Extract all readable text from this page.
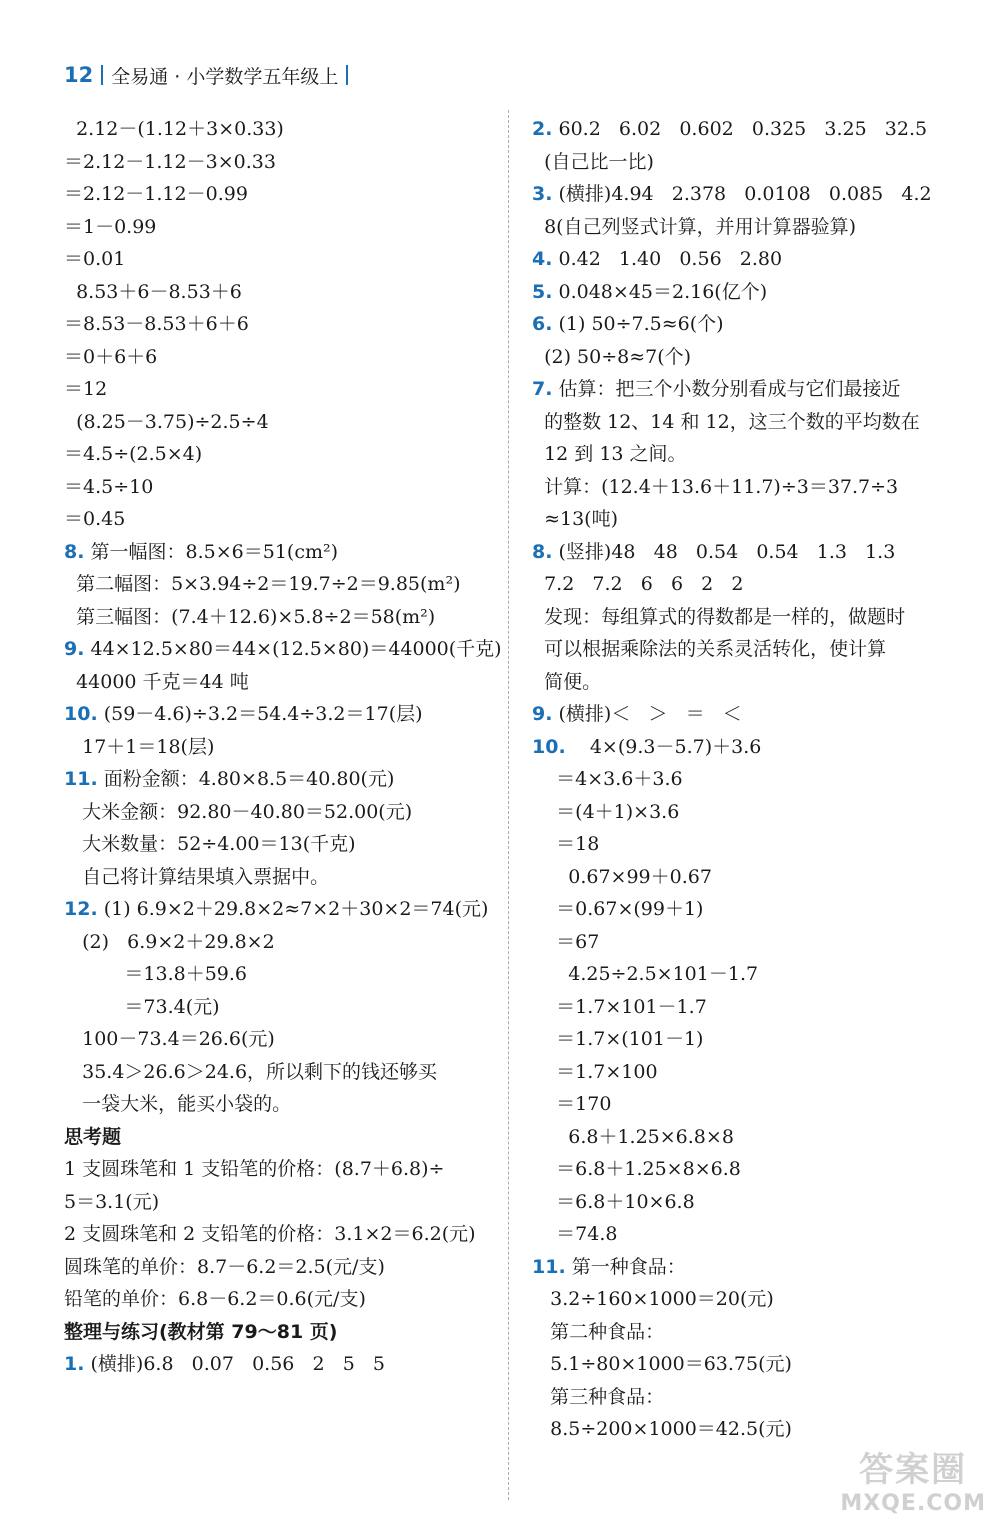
12 全易通 · 小学数学五年级上
2.12－(1.12＋3×0.33)
＝2.12－1.12－3×0.33
＝2.12－1.12－0.99
＝1－0.99
＝0.01
8.53＋6－8.53＋6
＝8.53－8.53＋6＋6
＝0＋6＋6
＝12
(8.25－3.75)÷2.5÷4
＝4.5÷(2.5×4)
＝4.5÷10
＝0.45
8. 第一幅图：8.5×6＝51(cm²)
第二幅图：5×3.94÷2＝19.7÷2＝9.85(m²)
第三幅图：(7.4＋12.6)×5.8÷2＝58(m²)
9. 44×12.5×80＝44×(12.5×80)＝44000(千克)
44000 千克＝44 吨
10. (59－4.6)÷3.2＝54.4÷3.2＝17(层)
17＋1＝18(层)
11. 面粉金额：4.80×8.5＝40.80(元)
大米金额：92.80－40.80＝52.00(元)
大米数量：52÷4.00＝13(千克)
自己将计算结果填入票据中。
12. (1) 6.9×2＋29.8×2≈7×2＋30×2＝74(元)
(2)   6.9×2＋29.8×2
＝13.8＋59.6
＝73.4(元)
100－73.4＝26.6(元)
35.4＞26.6＞24.6，所以剩下的钱还够买
一袋大米，能买小袋的。
思考题
1 支圆珠笔和 1 支铅笔的价格：(8.7＋6.8)÷
5＝3.1(元)
2 支圆珠笔和 2 支铅笔的价格：3.1×2＝6.2(元)
圆珠笔的单价：8.7－6.2＝2.5(元/支)
铅笔的单价：6.8－6.2＝0.6(元/支)
整理与练习(教材第 79～81 页)
1. (横排)6.8   0.07   0.56   2   5   5
2. 60.2   6.02   0.602   0.325   3.25   32.5
(自己比一比)
3. (横排)4.94   2.378   0.0108   0.085   4.2
8(自己列竖式计算，并用计算器验算)
4. 0.42   1.40   0.56   2.80
5. 0.048×45＝2.16(亿个)
6. (1) 50÷7.5≈6(个)
(2) 50÷8≈7(个)
7. 估算：把三个小数分别看成与它们最接近
的整数 12、14 和 12，这三个数的平均数在
12 到 13 之间。
计算：(12.4＋13.6＋11.7)÷3＝37.7÷3
≈13(吨)
8. (竖排)48   48   0.54   0.54   1.3   1.3
7.2   7.2   6   6   2   2
发现：每组算式的得数都是一样的，做题时
可以根据乘除法的关系灵活转化，使计算
简便。
9. (横排)＜   ＞   ＝   ＜
10.    4×(9.3－5.7)＋3.6
＝4×3.6＋3.6
＝(4＋1)×3.6
＝18
0.67×99＋0.67
＝0.67×(99＋1)
＝67
4.25÷2.5×101－1.7
＝1.7×101－1.7
＝1.7×(101－1)
＝1.7×100
＝170
6.8＋1.25×6.8×8
＝6.8＋1.25×8×6.8
＝6.8＋10×6.8
＝74.8
11. 第一种食品：
3.2÷160×1000＝20(元)
第二种食品：
5.1÷80×1000＝63.75(元)
第三种食品：
8.5÷200×1000＝42.5(元)
答案圈
MXQE.COM
